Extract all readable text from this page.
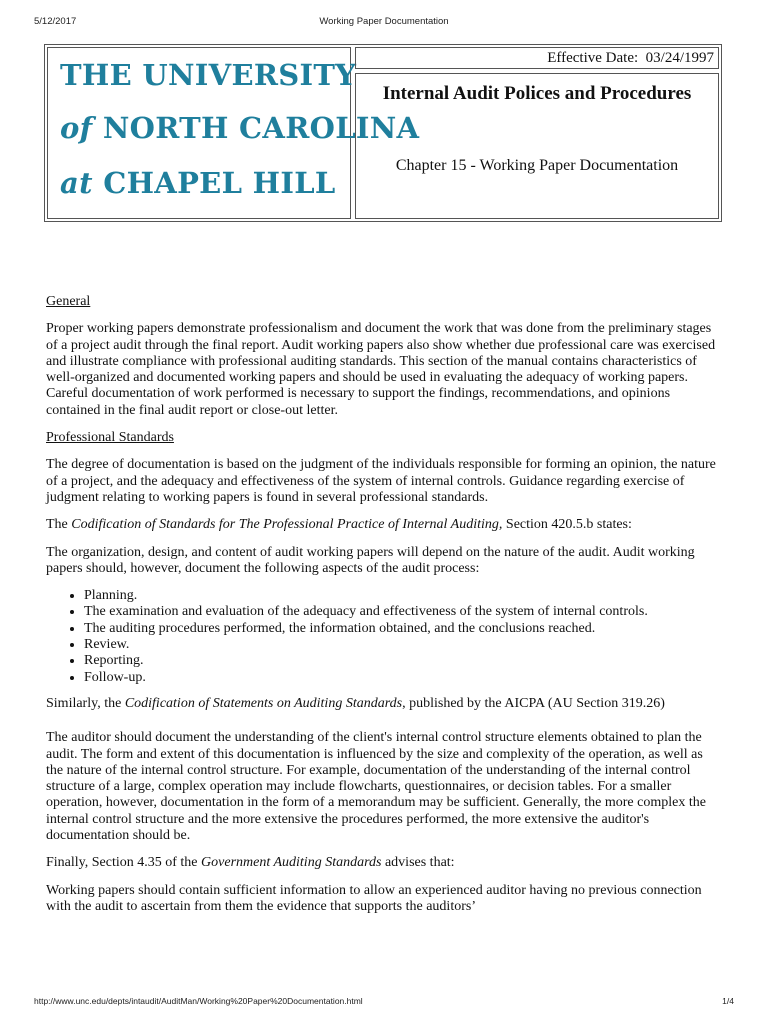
5/12/2017	Working Paper Documentation
THE UNIVERSITY
of NORTH CAROLINA
at CHAPEL HILL
Effective Date:  03/24/1997
Internal Audit Polices and Procedures
Chapter 15 - Working Paper Documentation
General

Proper working papers demonstrate professionalism and document the work that was done from the preliminary stages of a project audit through the final report. Audit working papers also show whether due professional care was exercised and illustrate compliance with professional auditing standards. This section of the manual contains characteristics of well-organized and documented working papers and should be used in evaluating the adequacy of working papers. Careful documentation of work performed is necessary to support the findings, recommendations, and opinions contained in the final audit report or close-out letter.

Professional Standards

The degree of documentation is based on the judgment of the individuals responsible for forming an opinion, the nature of a project, and the adequacy and effectiveness of the system of internal controls. Guidance regarding exercise of judgment relating to working papers is found in several professional standards.

The Codification of Standards for The Professional Practice of Internal Auditing, Section 420.5.b states:

The organization, design, and content of audit working papers will depend on the nature of the audit. Audit working papers should, however, document the following aspects of the audit process:

• Planning.
• The examination and evaluation of the adequacy and effectiveness of the system of internal controls.
• The auditing procedures performed, the information obtained, and the conclusions reached.
• Review.
• Reporting.
• Follow-up.

Similarly, the Codification of Statements on Auditing Standards, published by the AICPA (AU Section 319.26)

The auditor should document the understanding of the client's internal control structure elements obtained to plan the audit. The form and extent of this documentation is influenced by the size and complexity of the operation, as well as the nature of the internal control structure. For example, documentation of the understanding of the internal control structure of a large, complex operation may include flowcharts, questionnaires, or decision tables. For a smaller operation, however, documentation in the form of a memorandum may be sufficient. Generally, the more complex the internal control structure and the more extensive the procedures performed, the more extensive the auditor's documentation should be.

Finally, Section 4.35 of the Government Auditing Standards advises that:

Working papers should contain sufficient information to allow an experienced auditor having no previous connection with the audit to ascertain from them the evidence that supports the auditors’

http://www.unc.edu/depts/intaudit/AuditMan/Working%20Paper%20Documentation.html	1/4
